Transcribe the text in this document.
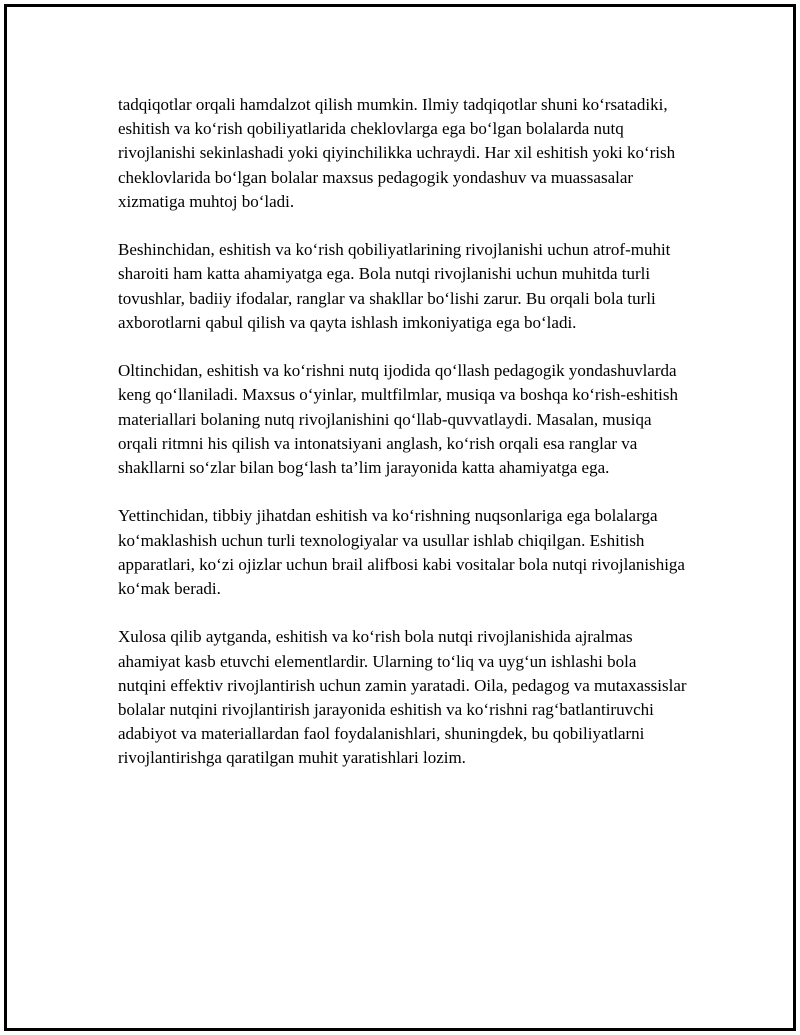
tadqiqotlar orqali hamdalzot qilish mumkin. Ilmiy tadqiqotlar shuni ko‘rsatadiki, eshitish va ko‘rish qobiliyatlarida cheklovlarga ega bo‘lgan bolalarda nutq rivojlanishi sekinlashadi yoki qiyinchilikka uchraydi. Har xil eshitish yoki ko‘rish cheklovlarida bo‘lgan bolalar maxsus pedagogik yondashuv va muassasalar xizmatiga muhtoj bo‘ladi.

Beshinchidan, eshitish va ko‘rish qobiliyatlarining rivojlanishi uchun atrof-muhit sharoiti ham katta ahamiyatga ega. Bola nutqi rivojlanishi uchun muhitda turli tovushlar, badiiy ifodalar, ranglar va shakllar bo‘lishi zarur. Bu orqali bola turli axborotlarni qabul qilish va qayta ishlash imkoniyatiga ega bo‘ladi.

Oltinchidan, eshitish va ko‘rishni nutq ijodida qo‘llash pedagogik yondashuvlarda keng qo‘llaniladi. Maxsus o‘yinlar, multfilmlar, musiqa va boshqa ko‘rish-eshitish materiallari bolaning nutq rivojlanishini qo‘llab-quvvatlaydi. Masalan, musiqa orqali ritmni his qilish va intonatsiyani anglash, ko‘rish orqali esa ranglar va shakllarni so‘zlar bilan bog‘lash ta’lim jarayonida katta ahamiyatga ega.

Yettinchidan, tibbiy jihatdan eshitish va ko‘rishning nuqsonlariga ega bolalarga ko‘maklashish uchun turli texnologiyalar va usullar ishlab chiqilgan. Eshitish apparatlari, ko‘zi ojizlar uchun brail alifbosi kabi vositalar bola nutqi rivojlanishiga ko‘mak beradi.

Xulosa qilib aytganda, eshitish va ko‘rish bola nutqi rivojlanishida ajralmas ahamiyat kasb etuvchi elementlardir. Ularning to‘liq va uyg‘un ishlashi bola nutqini effektiv rivojlantirish uchun zamin yaratadi. Oila, pedagog va mutaxassislar bolalar nutqini rivojlantirish jarayonida eshitish va ko‘rishni rag‘batlantiruvchi adabiyot va materiallardan faol foydalanishlari, shuningdek, bu qobiliyatlarni rivojlantirishga qaratilgan muhit yaratishlari lozim.
